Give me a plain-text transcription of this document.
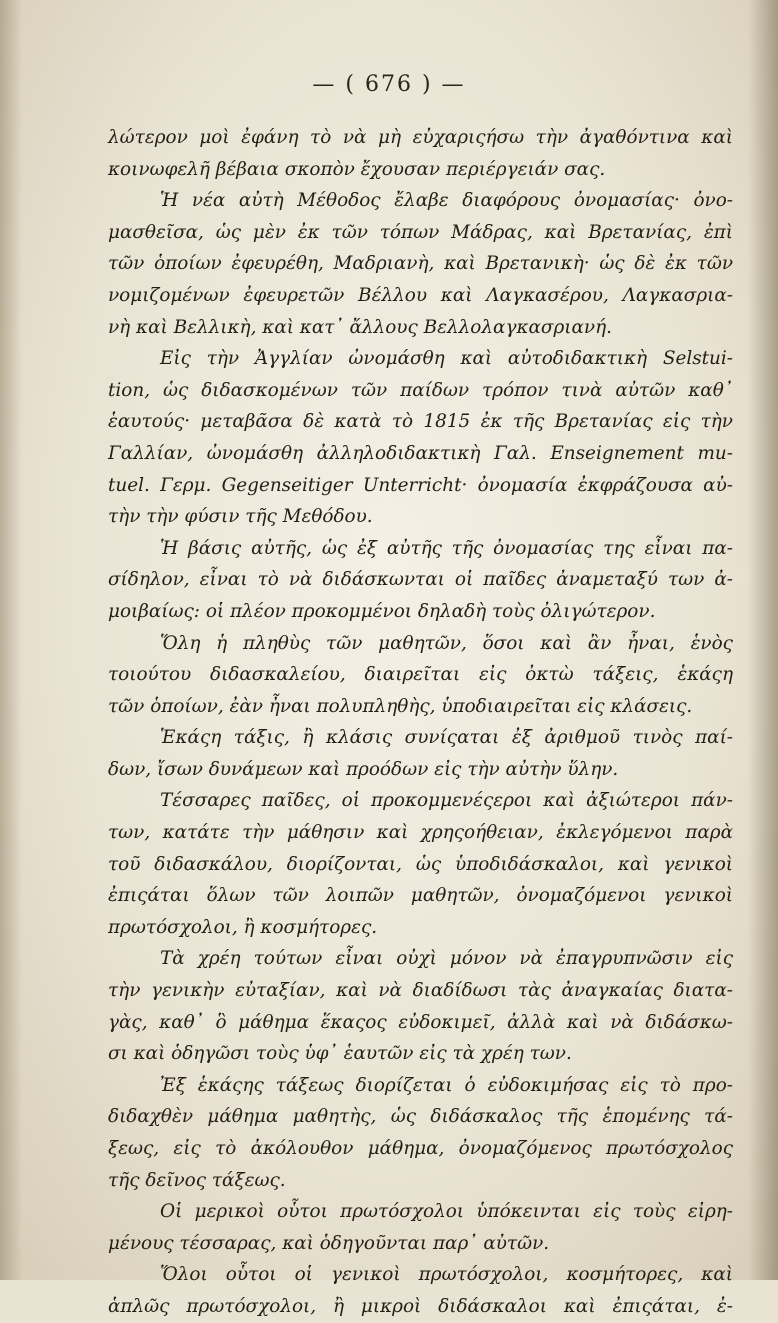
— ( 676 ) —
λώτερον μοὶ ἐφάνη τὸ νὰ μὴ εὐχαριςήσω τὴν ἀγαθόντινα καὶ
κοινωφελῆ βέβαια σκοπὸν ἔχουσαν περιέργειάν σας.
Ἡ νέα αὐτὴ Μέθοδος ἔλαβε διαφόρους ὀνομασίας· ὀνο-
μασθεῖσα, ὡς μὲν ἐκ τῶν τόπων Μάδρας, καὶ Βρετανίας, ἐπὶ
τῶν ὁποίων ἐφευρέθη, Μαδριανὴ, καὶ Βρετανικὴ· ὡς δὲ ἐκ τῶν
νομιζομένων ἐφευρετῶν Βέλλου καὶ Λαγκασέρου, Λαγκασρια-
νὴ καὶ Βελλικὴ, καὶ κατ᾽ ἄλλους Βελλολαγκασριανή.
Εἰς τὴν Ἀγγλίαν ὠνομάσθη καὶ αὐτοδιδακτικὴ Selstui-
tion, ὡς διδασκομένων τῶν παίδων τρόπον τινὰ αὐτῶν καθ᾽
ἑαυτούς· μεταβᾶσα δὲ κατὰ τὸ 1815 ἐκ τῆς Βρετανίας εἰς τὴν
Γαλλίαν, ὠνομάσθη ἀλληλοδιδακτικὴ Γαλ. Enseignement mu-
tuel. Γερμ. Gegenseitiger Unterricht· ὀνομασία ἐκφράζουσα αὐ-
τὴν τὴν φύσιν τῆς Μεθόδου.
Ἡ βάσις αὐτῆς, ὡς ἐξ αὐτῆς τῆς ὀνομασίας της εἶναι πα-
σίδηλον, εἶναι τὸ νὰ διδάσκωνται οἱ παῖδες ἀναμεταξύ των ἀ-
μοιβαίως: οἱ πλέον προκομμένοι δηλαδὴ τοὺς ὀλιγώτερον.
Ὅλη ἡ πληθὺς τῶν μαθητῶν, ὅσοι καὶ ἂν ἦναι, ἑνὸς
τοιούτου διδασκαλείου, διαιρεῖται εἰς ὀκτὼ τάξεις, ἑκάςη
τῶν ὁποίων, ἐὰν ἦναι πολυπληθὴς, ὑποδιαιρεῖται εἰς κλάσεις.
Ἑκάςη τάξις, ἢ κλάσις συνίςαται ἐξ ἀριθμοῦ τινὸς παί-
δων, ἴσων δυνάμεων καὶ προόδων εἰς τὴν αὐτὴν ὕλην.
Τέσσαρες παῖδες, οἱ προκομμενέςεροι καὶ ἀξιώτεροι πάν-
των, κατάτε τὴν μάθησιν καὶ χρηςοήθειαν, ἐκλεγόμενοι παρὰ
τοῦ διδασκάλου, διορίζονται, ὡς ὑποδιδάσκαλοι, καὶ γενικοὶ
ἐπιςάται ὅλων τῶν λοιπῶν μαθητῶν, ὀνομαζόμενοι γενικοὶ
πρωτόσχολοι, ἢ κοσμήτορες.
Τὰ χρέη τούτων εἶναι οὐχὶ μόνον νὰ ἐπαγρυπνῶσιν εἰς
τὴν γενικὴν εὐταξίαν, καὶ νὰ διαδίδωσι τὰς ἀναγκαίας διατα-
γὰς, καθ᾽ ὃ μάθημα ἕκαςος εὐδοκιμεῖ, ἀλλὰ καὶ νὰ διδάσκω-
σι καὶ ὁδηγῶσι τοὺς ὑφ᾽ ἑαυτῶν εἰς τὰ χρέη των.
Ἐξ ἑκάςης τάξεως διορίζεται ὁ εὐδοκιμήσας εἰς τὸ προ-
διδαχθὲν μάθημα μαθητὴς, ὡς διδάσκαλος τῆς ἑπομένης τά-
ξεως, εἰς τὸ ἀκόλουθον μάθημα, ὀνομαζόμενος πρωτόσχολος
τῆς δεῖνος τάξεως.
Οἱ μερικοὶ οὗτοι πρωτόσχολοι ὑπόκεινται εἰς τοὺς εἰρη-
μένους τέσσαρας, καὶ ὁδηγοῦνται παρ᾽ αὐτῶν.
Ὅλοι οὗτοι οἱ γενικοὶ πρωτόσχολοι, κοσμήτορες, καὶ
ἁπλῶς πρωτόσχολοι, ἢ μικροὶ διδάσκαλοι καὶ ἐπιςάται, ἐ-
